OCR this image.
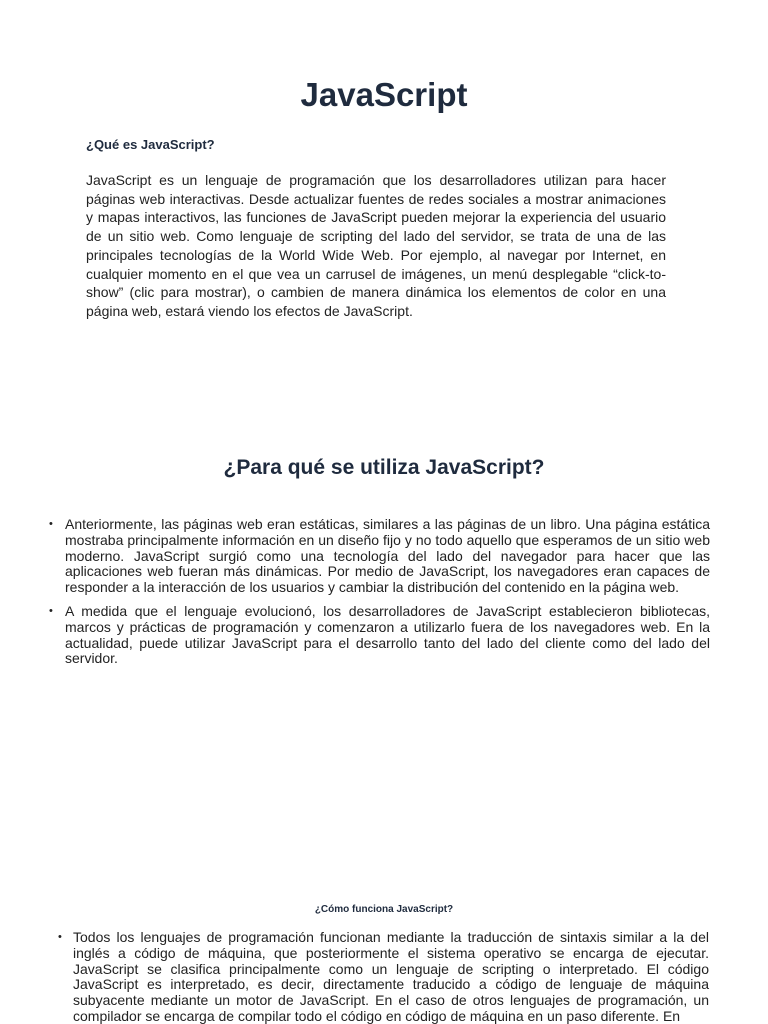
JavaScript
¿Qué es JavaScript?

JavaScript es un lenguaje de programación que los desarrolladores utilizan para hacer páginas web interactivas. Desde actualizar fuentes de redes sociales a mostrar animaciones y mapas interactivos, las funciones de JavaScript pueden mejorar la experiencia del usuario de un sitio web. Como lenguaje de scripting del lado del servidor, se trata de una de las principales tecnologías de la World Wide Web. Por ejemplo, al navegar por Internet, en cualquier momento en el que vea un carrusel de imágenes, un menú desplegable “click-to-show” (clic para mostrar), o cambien de manera dinámica los elementos de color en una página web, estará viendo los efectos de JavaScript.

¿Para qué se utiliza JavaScript?
• Anteriormente, las páginas web eran estáticas, similares a las páginas de un libro. Una página estática mostraba principalmente información en un diseño fijo y no todo aquello que esperamos de un sitio web moderno. JavaScript surgió como una tecnología del lado del navegador para hacer que las aplicaciones web fueran más dinámicas. Por medio de JavaScript, los navegadores eran capaces de responder a la interacción de los usuarios y cambiar la distribución del contenido en la página web.
• A medida que el lenguaje evolucionó, los desarrolladores de JavaScript establecieron bibliotecas, marcos y prácticas de programación y comenzaron a utilizarlo fuera de los navegadores web. En la actualidad, puede utilizar JavaScript para el desarrollo tanto del lado del cliente como del lado del servidor.
¿Cómo funciona JavaScript?
• Todos los lenguajes de programación funcionan mediante la traducción de sintaxis similar a la del inglés a código de máquina, que posteriormente el sistema operativo se encarga de ejecutar. JavaScript se clasifica principalmente como un lenguaje de scripting o interpretado. El código JavaScript es interpretado, es decir, directamente traducido a código de lenguaje de máquina subyacente mediante un motor de JavaScript. En el caso de otros lenguajes de programación, un compilador se encarga de compilar todo el código en código de máquina en un paso diferente. En
